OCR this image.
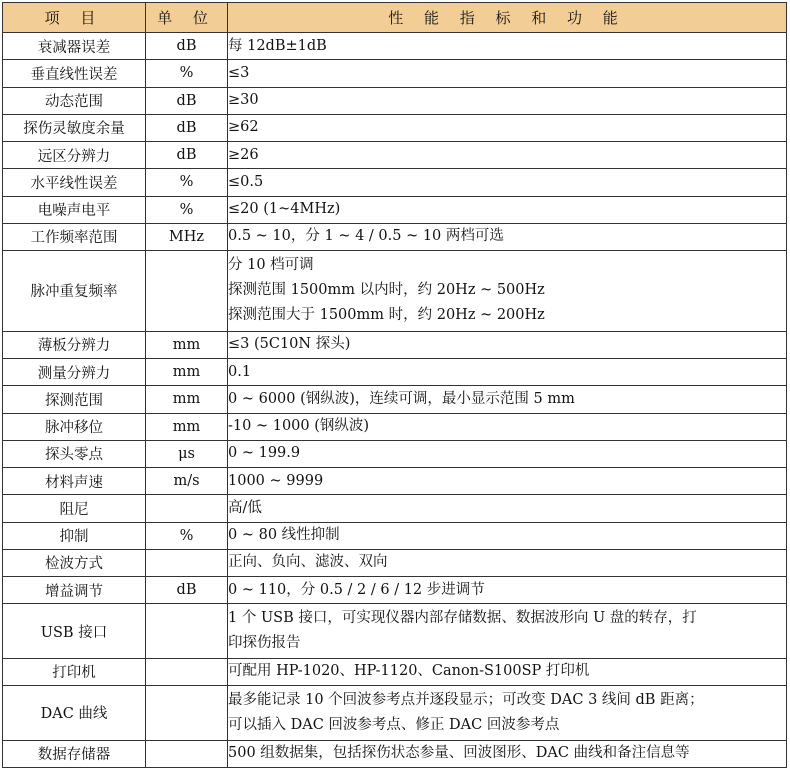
项 目	单 位	性 能 指 标 和 功 能
衰减器误差	dB	每 12dB±1dB

垂直线性误差	%	≤3

动态范围	dB	≥30

探伤灵敏度余量	dB	≥62

远区分辨力	dB	≥26

水平线性误差	%	≤0.5

电噪声电平	%	≤20 (1~4MHz)

工作频率范围	MHz	0.5 ~ 10，分 1 ~ 4 / 0.5 ~ 10 两档可选

脉冲重复频率		分 10 档可调
探测范围 1500mm 以内时，约 20Hz ~ 500Hz
探测范围大于 1500mm 时，约 20Hz ~ 200Hz

薄板分辨力	mm	≤3 (5C10N 探头)

测量分辨力	mm	0.1

探测范围	mm	0 ~ 6000 (钢纵波)，连续可调，最小显示范围 5 mm

脉冲移位	mm	-10 ~ 1000 (钢纵波)

探头零点	μs	0 ~ 199.9

材料声速	m/s	1000 ~ 9999

阻尼		高/低

抑制	%	0 ~ 80 线性抑制

检波方式		正向、负向、滤波、双向

增益调节	dB	0 ~ 110，分 0.5 / 2 / 6 / 12 步进调节

USB 接口		1 个 USB 接口，可实现仪器内部存储数据、数据波形向 U 盘的转存，打
印探伤报告

打印机		可配用 HP-1020、HP-1120、Canon-S100SP 打印机

DAC 曲线		最多能记录 10 个回波参考点并逐段显示；可改变 DAC 3 线间 dB 距离；
可以插入 DAC 回波参考点、修正 DAC 回波参考点

数据存储器		500 组数据集，包括探伤状态参量、回波图形、DAC 曲线和备注信息等
